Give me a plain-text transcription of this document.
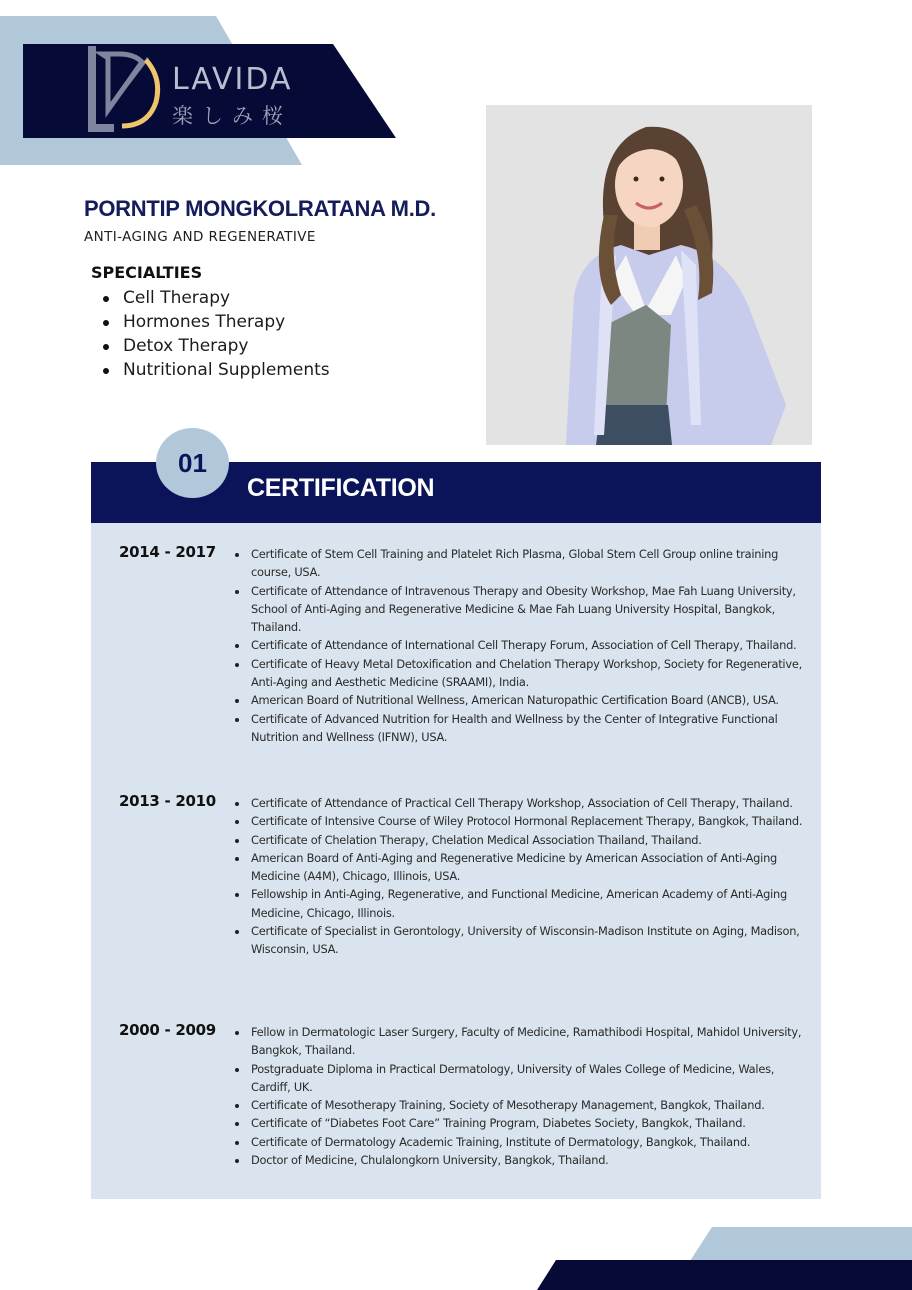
LAVIDA
楽しみ桜
PORNTIP MONGKOLRATANA M.D.
ANTI-AGING AND REGENERATIVE
SPECIALTIES
Cell Therapy
Hormones Therapy
Detox Therapy
Nutritional Supplements
01
CERTIFICATION
2014 - 2017	Certificate of Stem Cell Training and Platelet Rich Plasma, Global Stem Cell Group online training course, USA.
Certificate of Attendance of Intravenous Therapy and Obesity Workshop, Mae Fah Luang University, School of Anti-Aging and Regenerative Medicine & Mae Fah Luang University Hospital, Bangkok, Thailand.
Certificate of Attendance of International Cell Therapy Forum, Association of Cell Therapy, Thailand.
Certificate of Heavy Metal Detoxification and Chelation Therapy Workshop, Society for Regenerative, Anti-Aging and Aesthetic Medicine (SRAAMI), India.
American Board of Nutritional Wellness, American Naturopathic Certification Board (ANCB), USA.
Certificate of Advanced Nutrition for Health and Wellness by the Center of Integrative Functional Nutrition and Wellness (IFNW), USA.
2013 - 2010	Certificate of Attendance of Practical Cell Therapy Workshop, Association of Cell Therapy, Thailand.
Certificate of Intensive Course of Wiley Protocol Hormonal Replacement Therapy, Bangkok, Thailand.
Certificate of Chelation Therapy, Chelation Medical Association Thailand, Thailand.
American Board of Anti-Aging and Regenerative Medicine by American Association of Anti-Aging Medicine (A4M), Chicago, Illinois, USA.
Fellowship in Anti-Aging, Regenerative, and Functional Medicine, American Academy of Anti-Aging Medicine, Chicago, Illinois.
Certificate of Specialist in Gerontology, University of Wisconsin-Madison Institute on Aging, Madison, Wisconsin, USA.
2000 - 2009	Fellow in Dermatologic Laser Surgery, Faculty of Medicine, Ramathibodi Hospital, Mahidol University, Bangkok, Thailand.
Postgraduate Diploma in Practical Dermatology, University of Wales College of Medicine, Wales, Cardiff, UK.
Certificate of Mesotherapy Training, Society of Mesotherapy Management, Bangkok, Thailand.
Certificate of “Diabetes Foot Care” Training Program, Diabetes Society, Bangkok, Thailand.
Certificate of Dermatology Academic Training, Institute of Dermatology, Bangkok, Thailand.
Doctor of Medicine, Chulalongkorn University, Bangkok, Thailand.
